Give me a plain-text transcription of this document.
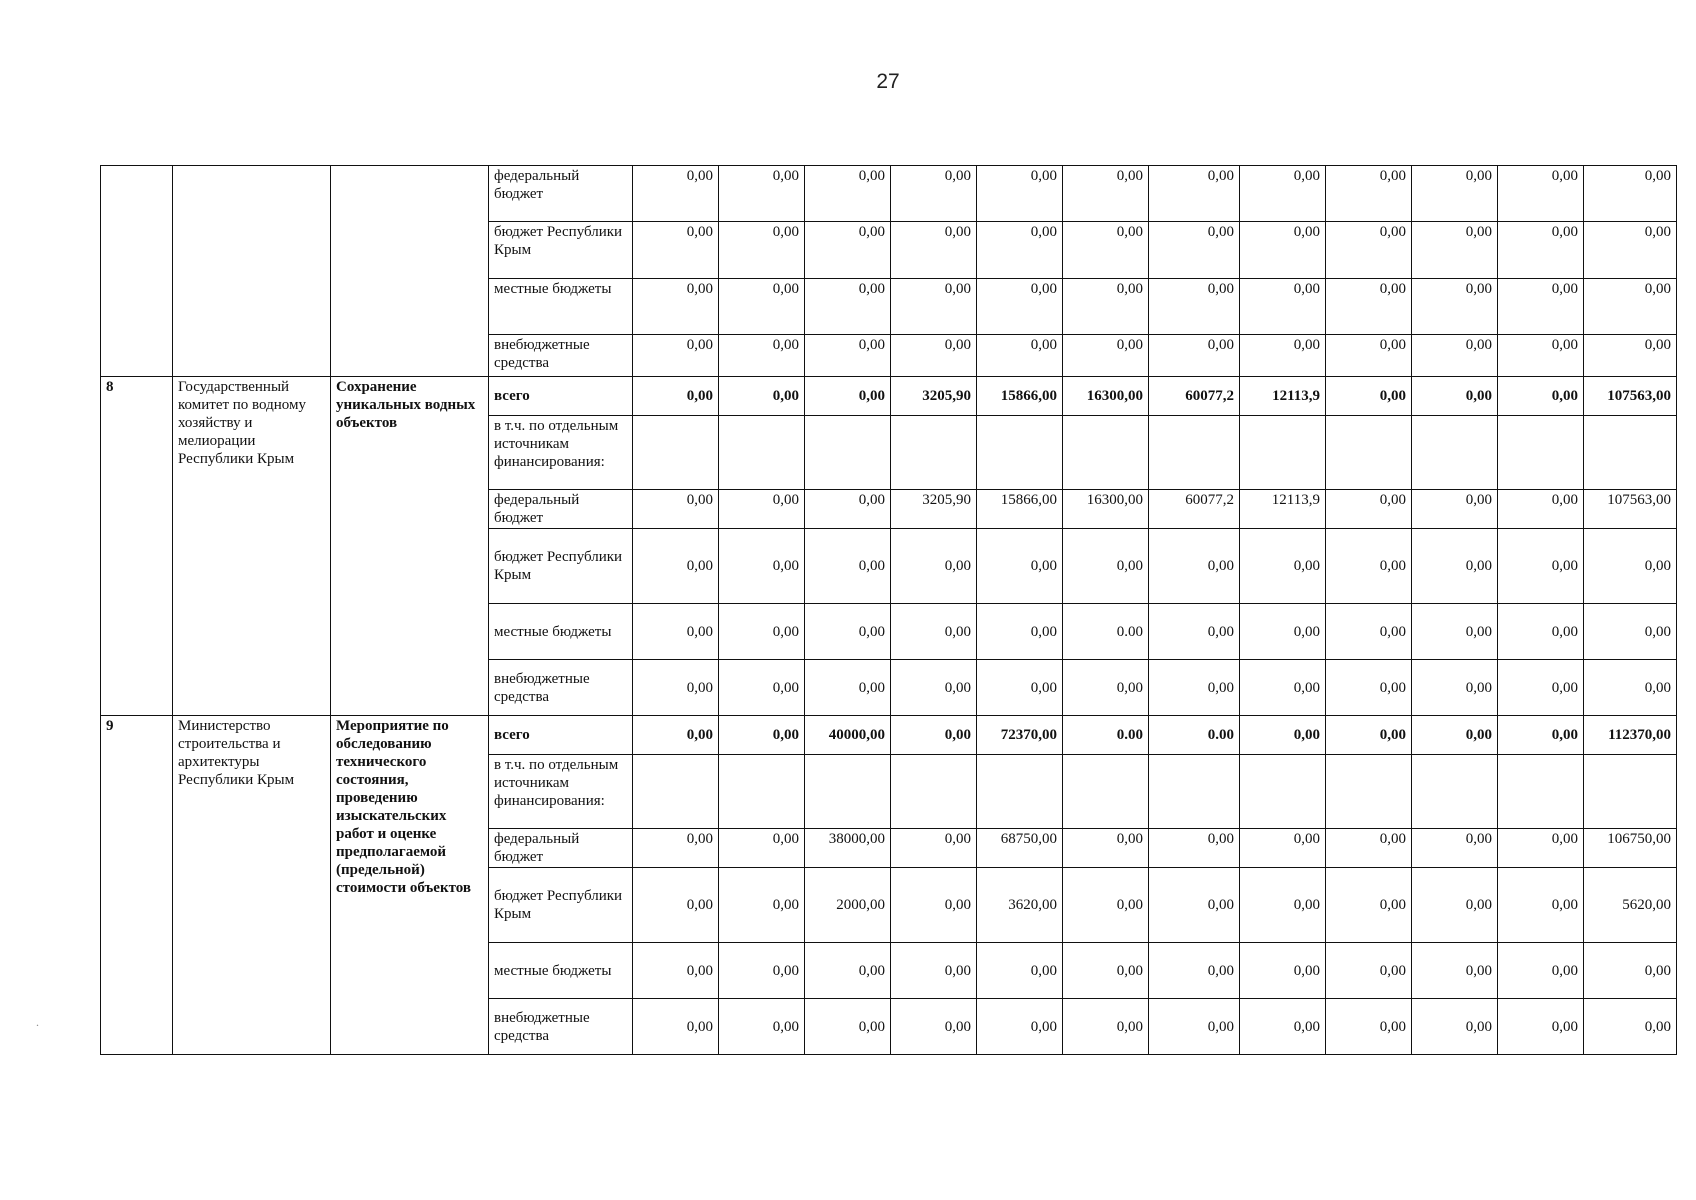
27
.
			федеральный бюджет	0,00	0,00	0,00	0,00	0,00	0,00	0,00	0,00	0,00	0,00	0,00	0,00
			бюджет Республики Крым	0,00	0,00	0,00	0,00	0,00	0,00	0,00	0,00	0,00	0,00	0,00	0,00
			местные бюджеты	0,00	0,00	0,00	0,00	0,00	0,00	0,00	0,00	0,00	0,00	0,00	0,00
			внебюджетные средства	0,00	0,00	0,00	0,00	0,00	0,00	0,00	0,00	0,00	0,00	0,00	0,00
8	Государственный комитет по водному хозяйству и мелиорации Республики Крым	Сохранение уникальных водных объектов	всего	0,00	0,00	0,00	3205,90	15866,00	16300,00	60077,2	12113,9	0,00	0,00	0,00	107563,00
			в т.ч. по отдельным источникам финансирования:												
			федеральный бюджет	0,00	0,00	0,00	3205,90	15866,00	16300,00	60077,2	12113,9	0,00	0,00	0,00	107563,00
			бюджет Республики Крым	0,00	0,00	0,00	0,00	0,00	0,00	0,00	0,00	0,00	0,00	0,00	0,00
			местные бюджеты	0,00	0,00	0,00	0,00	0,00	0.00	0,00	0,00	0,00	0,00	0,00	0,00
			внебюджетные средства	0,00	0,00	0,00	0,00	0,00	0,00	0,00	0,00	0,00	0,00	0,00	0,00
9	Министерство строительства и архитектуры Республики Крым	Мероприятие по обследованию технического состояния, проведению изыскательских работ и оценке предполагаемой (предельной) стоимости объектов	всего	0,00	0,00	40000,00	0,00	72370,00	0.00	0.00	0,00	0,00	0,00	0,00	112370,00
			в т.ч. по отдельным источникам финансирования:												
			федеральный бюджет	0,00	0,00	38000,00	0,00	68750,00	0,00	0,00	0,00	0,00	0,00	0,00	106750,00
			бюджет Республики Крым	0,00	0,00	2000,00	0,00	3620,00	0,00	0,00	0,00	0,00	0,00	0,00	5620,00
			местные бюджеты	0,00	0,00	0,00	0,00	0,00	0,00	0,00	0,00	0,00	0,00	0,00	0,00
			внебюджетные средства	0,00	0,00	0,00	0,00	0,00	0,00	0,00	0,00	0,00	0,00	0,00	0,00
